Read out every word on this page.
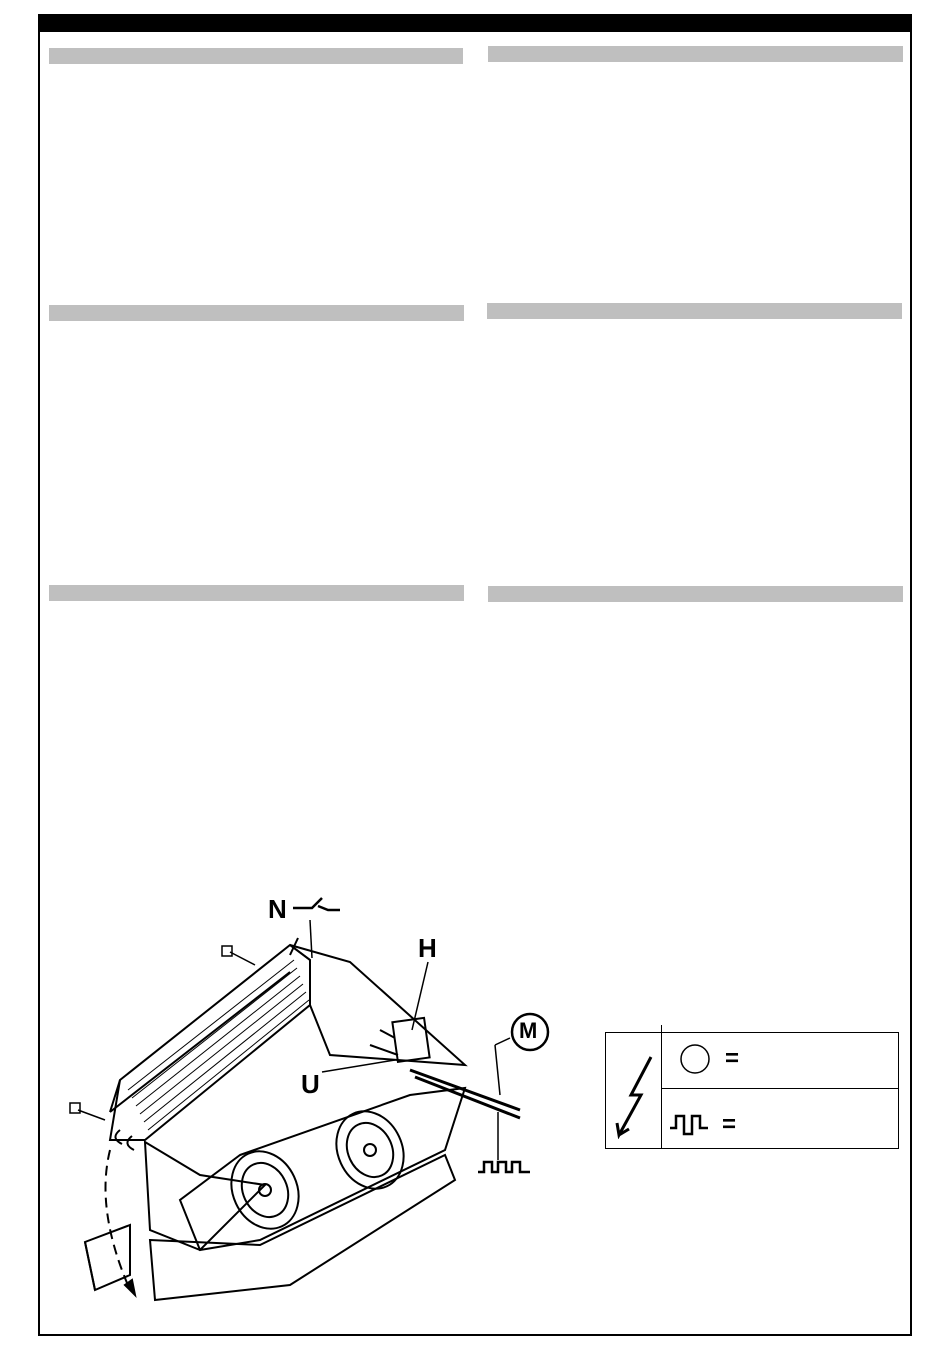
N
H
U
M
=
=
